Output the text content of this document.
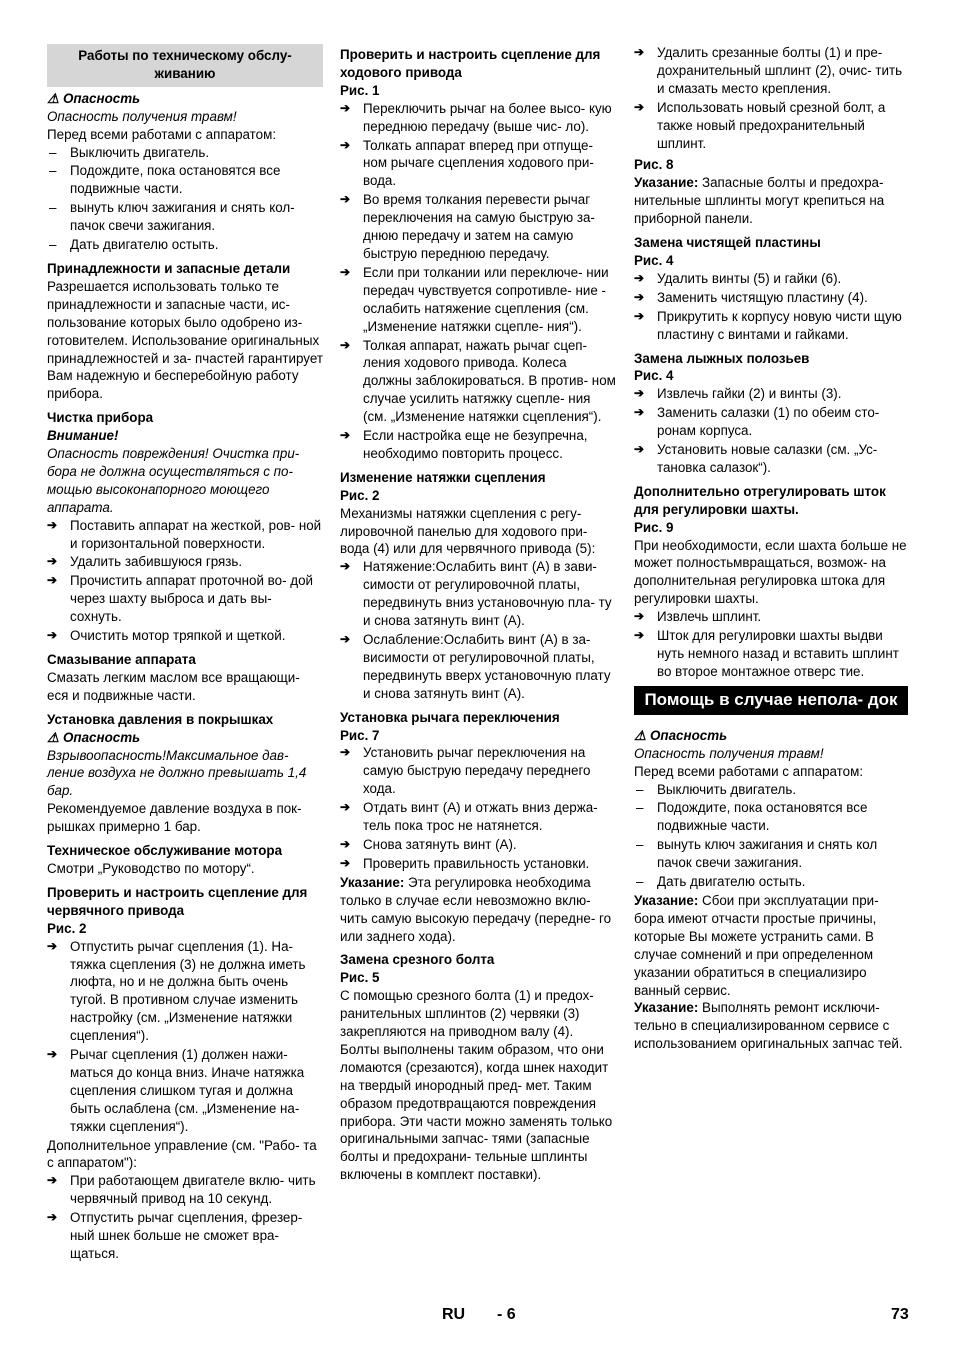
Работы по техническому обслу- живанию
⚠ Опасность

Опасность получения травм!

Перед всеми работами с аппаратом:

– Выключить двигатель.
– Подождите, пока остановятся все подвижные части.
– вынуть ключ зажигания и снять кол- пачок свечи зажигания.
– Дать двигателю остыть.
Принадлежности и запасные детали

Разрешается использовать только те принадлежности и запасные части, ис- пользование которых было одобрено из- готовителем. Использование оригинальных принадлежностей и за- пчастей гарантирует Вам надежную и бесперебойную работу прибора.

Чистка прибора
Внимание!

Опасность повреждения! Очистка при- бора не должна осуществляться с по- мощью высоконапорного моющего аппарата.

➔ Поставить аппарат на жесткой, ров- ной и горизонтальной поверхности.
➔ Удалить забившуюся грязь.
➔ Прочистить аппарат проточной во- дой через шахту выброса и дать вы- сохнуть.
➔ Очистить мотор тряпкой и щеткой.
Смазывание аппарата

Смазать легким маслом все вращающи- еся и подвижные части.

Установка давления в покрышках
⚠ Опасность

Взрывоопасность!Максимальное дав- ление воздуха не должно превышать 1,4 бар.

Рекомендуемое давление воздуха в пок- рышках примерно 1 бар.

Техническое обслуживание мотора

Смотри „Руководство по мотору“.

Проверить и настроить сцепление для червячного привода
Рис. 2
➔ Отпустить рычаг сцепления (1). На- тяжка сцепления (3) не должна иметь люфта, но и не должна быть очень тугой. В противном случае изменить настройку (см. „Изменение натяжки сцепления“).
➔ Рычаг сцепления (1) должен нажи- маться до конца вниз. Иначе натяжка сцепления слишком тугая и должна быть ослаблена (см. „Изменение на- тяжки сцепления“).

Дополнительное управление (см. "Рабо- та с аппаратом"):

➔ При работающем двигателе вклю- чить червячный привод на 10 секунд.
➔ Отпустить рычаг сцепления, фрезер- ный шнек больше не сможет вра- щаться.
Проверить и настроить сцепление для ходового привода
Рис. 1
➔ Переключить рычаг на более высо- кую переднюю передачу (выше чис- ло).
➔ Толкать аппарат вперед при отпуще- ном рычаге сцепления ходового при- вода.
➔ Во время толкания перевести рычаг переключения на самую быструю за- днюю передачу и затем на самую быструю переднюю передачу.
➔ Если при толкании или переключе- нии передач чувствуется сопротивле- ние - ослабить натяжение сцепления (см. „Изменение натяжки сцепле- ния“).
➔ Толкая аппарат, нажать рычаг сцеп- ления ходового привода. Колеса должны заблокироваться. В против- ном случае усилить натяжку сцепле- ния (см. „Изменение натяжки сцепления“).
➔ Если настройка еще не безупречна, необходимо повторить процесс.
Изменение натяжки сцепления
Рис. 2

Механизмы натяжки сцепления с регу- лировочной панелью для ходового при- вода (4) или для червячного привода (5):

➔ Натяжение:Ослабить винт (А) в зави- симости от регулировочной платы, передвинуть вниз установочную пла- ту и снова затянуть винт (А).
➔ Ослабление:Ослабить винт (А) в за- висимости от регулировочной платы, передвинуть вверх установочную плату и снова затянуть винт (А).
Установка рычага переключения
Рис. 7
➔ Установить рычаг переключения на самую быструю передачу переднего хода.
➔ Отдать винт (А) и отжать вниз держа- тель пока трос не натянется.
➔ Снова затянуть винт (А).
➔ Проверить правильность установки.

Указание: Эта регулировка необходима только в случае если невозможно вклю- чить самую высокую передачу (передне- го или заднего хода).

Замена срезного болта
Рис. 5

С помощью срезного болта (1) и предох- ранительных шплинтов (2) червяки (3) закрепляются на приводном валу (4). Болты выполнены таким образом, что они ломаются (срезаются), когда шнек находит на твердый инородный пред- мет. Таким образом предотвращаются повреждения прибора. Эти части можно заменять только оригинальными запчас- тями (запасные болты и предохрани- тельные шплинты включены в комплект поставки).

➔ Удалить срезанные болты (1) и пре- дохранительный шплинт (2), очис- тить и смазать место крепления.
➔ Использовать новый срезной болт, а также новый предохранительный шплинт.
Рис. 8

Указание: Запасные болты и предохра- нительные шплинты могут крепиться на приборной панели.

Замена чистящей пластины
Рис. 4
➔ Удалить винты (5) и гайки (6).
➔ Заменить чистящую пластину (4).
➔ Прикрутить к корпусу новую чисти щую пластину с винтами и гайками.
Замена лыжных полозьев
Рис. 4
➔ Извлечь гайки (2) и винты (3).
➔ Заменить салазки (1) по обеим сто- ронам корпуса.
➔ Установить новые салазки (см. „Ус- тановка салазок“).
Дополнительно отрегулировать шток для регулировки шахты.
Рис. 9

При необходимости, если шахта больше не может полностьмвращаться, возмож- на дополнительная регулировка штока для регулировки шахты.

➔ Извлечь шплинт.
➔ Шток для регулировки шахты выдви нуть немного назад и вставить шплинт во второе монтажное отверс тие.
Помощь в случае непола- док
⚠ Опасность

Опасность получения травм!

Перед всеми работами с аппаратом:

– Выключить двигатель.
– Подождите, пока остановятся все подвижные части.
– вынуть ключ зажигания и снять кол пачок свечи зажигания.
– Дать двигателю остыть.

Указание: Сбои при эксплуатации при- бора имеют отчасти простые причины, которые Вы можете устранить сами. В случае сомнений и при определенном указании обратиться в специализиро ванный сервис.

Указание: Выполнять ремонт исключи- тельно в специализированном сервисе с использованием оригинальных запчас тей.

RU - 6	73
